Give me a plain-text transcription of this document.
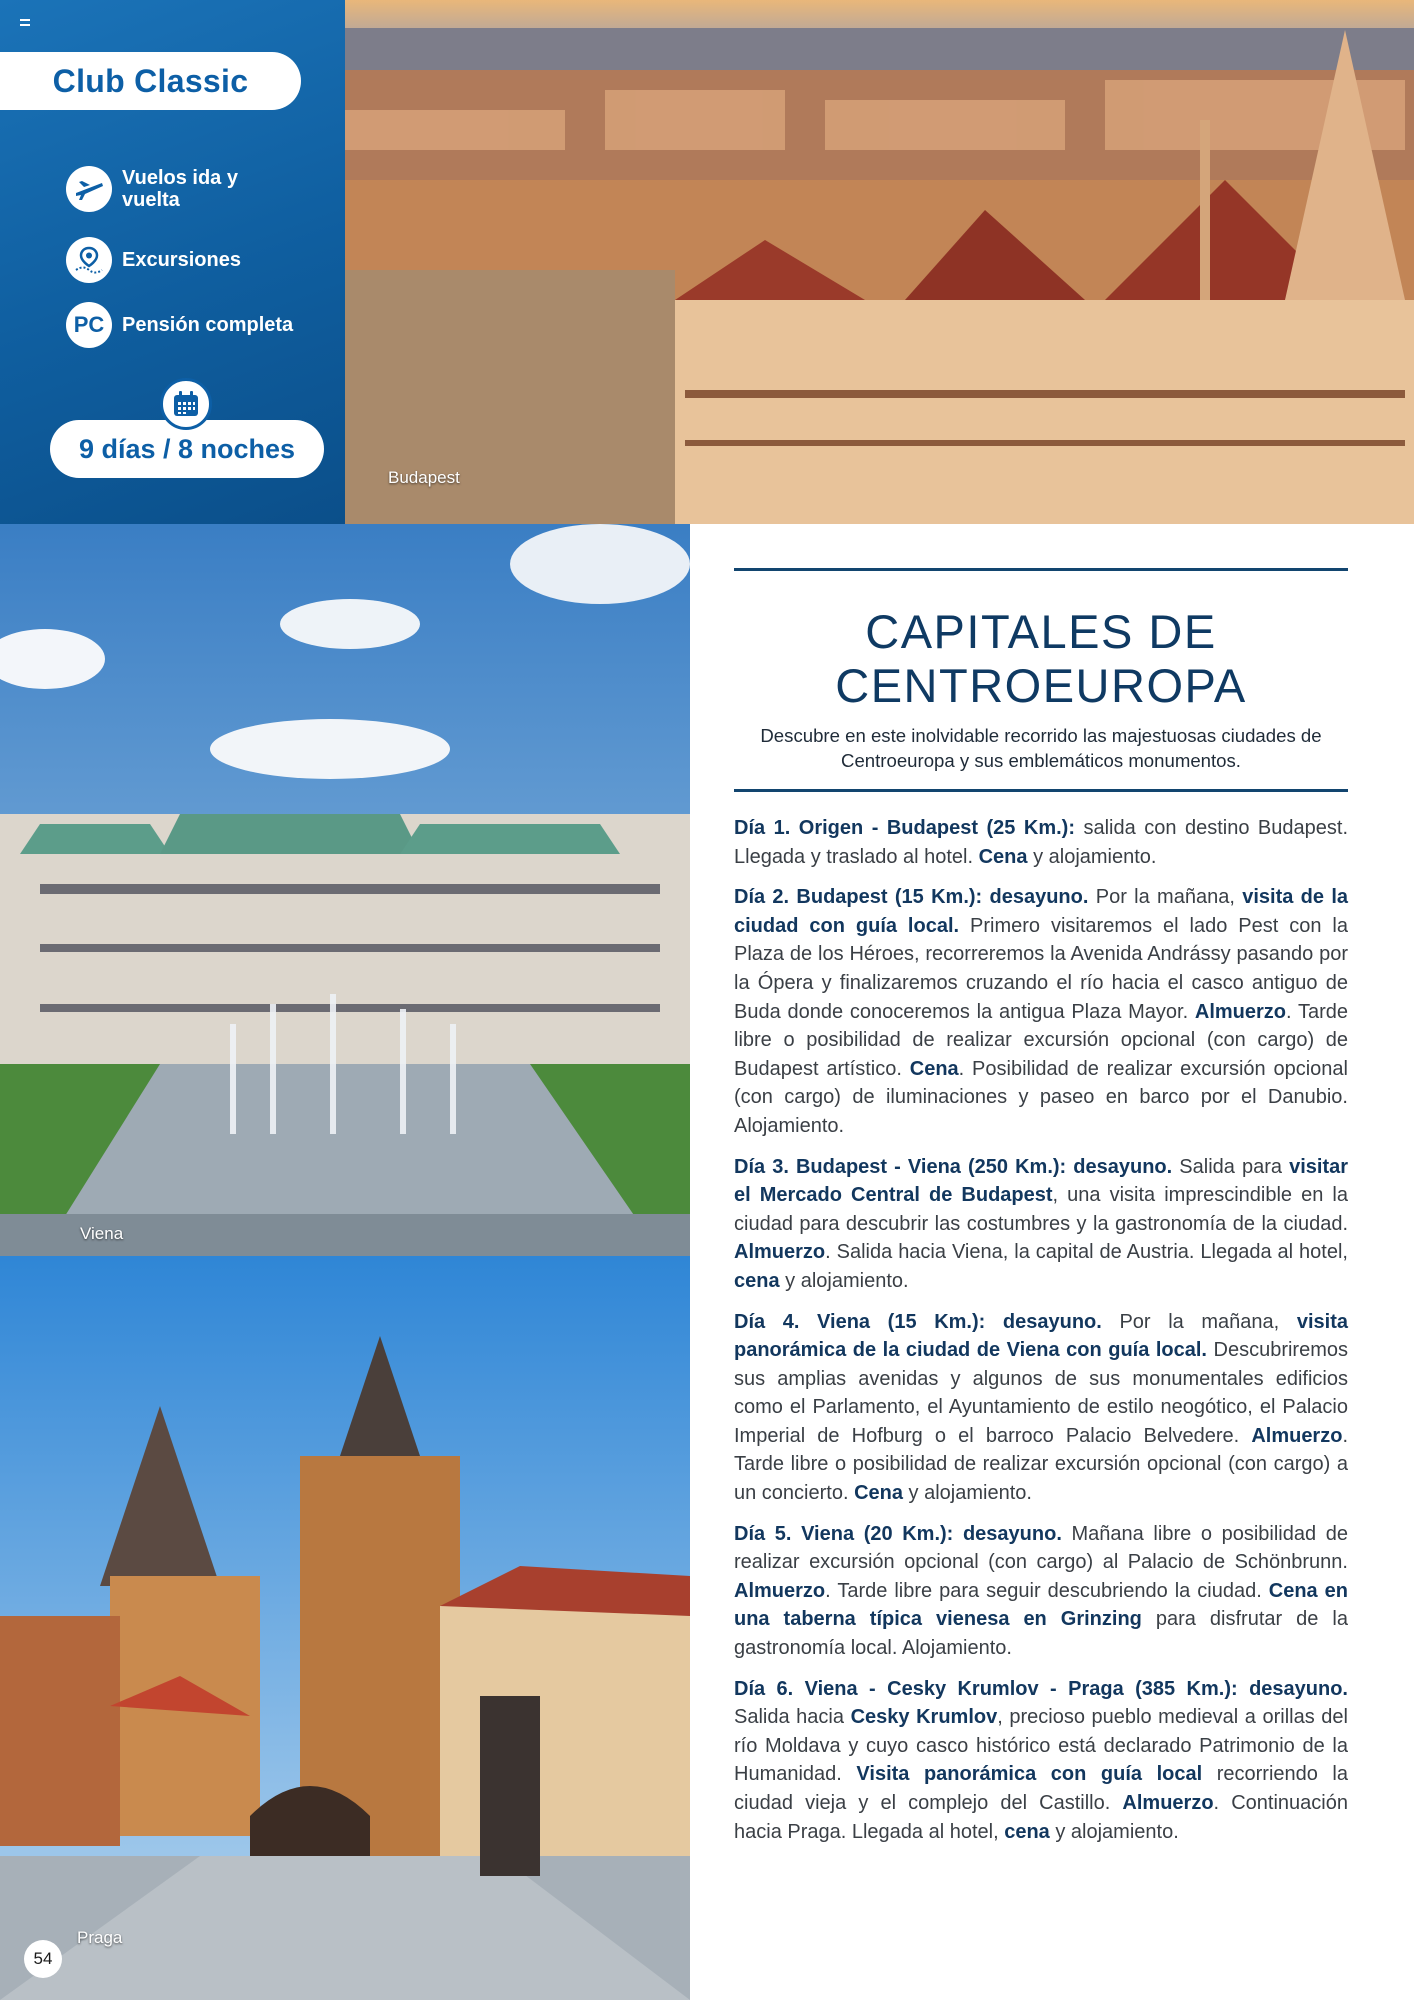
Club Classic
Vuelos ida y vuelta
Excursiones
PC Pensión completa
9 días / 8 noches
Budapest
Viena
Praga
54
CAPITALES DE CENTROEUROPA
Descubre en este inolvidable recorrido las majestuosas ciudades de Centroeuropa y sus emblemáticos monumentos.

Día 1. Origen - Budapest (25 Km.): salida con destino Budapest. Llegada y traslado al hotel. Cena y alojamiento.

Día 2. Budapest (15 Km.): desayuno. Por la mañana, visita de la ciudad con guía local. Primero visitaremos el lado Pest con la Plaza de los Héroes, recorreremos la Avenida Andrássy pasando por la Ópera y finalizaremos cruzando el río hacia el casco antiguo de Buda donde conoceremos la antigua Plaza Mayor. Almuerzo. Tarde libre o posibilidad de realizar excursión opcional (con cargo) de Budapest artístico. Cena. Posibilidad de realizar excursión opcional (con cargo) de iluminaciones y paseo en barco por el Danubio. Alojamiento.

Día 3. Budapest - Viena (250 Km.): desayuno. Salida para visitar el Mercado Central de Budapest, una visita imprescindible en la ciudad para descubrir las costumbres y la gastronomía de la ciudad. Almuerzo. Salida hacia Viena, la capital de Austria. Llegada al hotel, cena y alojamiento.

Día 4. Viena (15 Km.): desayuno. Por la mañana, visita panorámica de la ciudad de Viena con guía local. Descubriremos sus amplias avenidas y algunos de sus monumentales edificios como el Parlamento, el Ayuntamiento de estilo neogótico, el Palacio Imperial de Hofburg o el barroco Palacio Belvedere. Almuerzo. Tarde libre o posibilidad de realizar excursión opcional (con cargo) a un concierto. Cena y alojamiento.

Día 5. Viena (20 Km.): desayuno. Mañana libre o posibilidad de realizar excursión opcional (con cargo) al Palacio de Schönbrunn. Almuerzo. Tarde libre para seguir descubriendo la ciudad. Cena en una taberna típica vienesa en Grinzing para disfrutar de la gastronomía local. Alojamiento.

Día 6. Viena - Cesky Krumlov - Praga (385 Km.): desayuno. Salida hacia Cesky Krumlov, precioso pueblo medieval a orillas del río Moldava y cuyo casco histórico está declarado Patrimonio de la Humanidad. Visita panorámica con guía local recorriendo la ciudad vieja y el complejo del Castillo. Almuerzo. Continuación hacia Praga. Llegada al hotel, cena y alojamiento.
